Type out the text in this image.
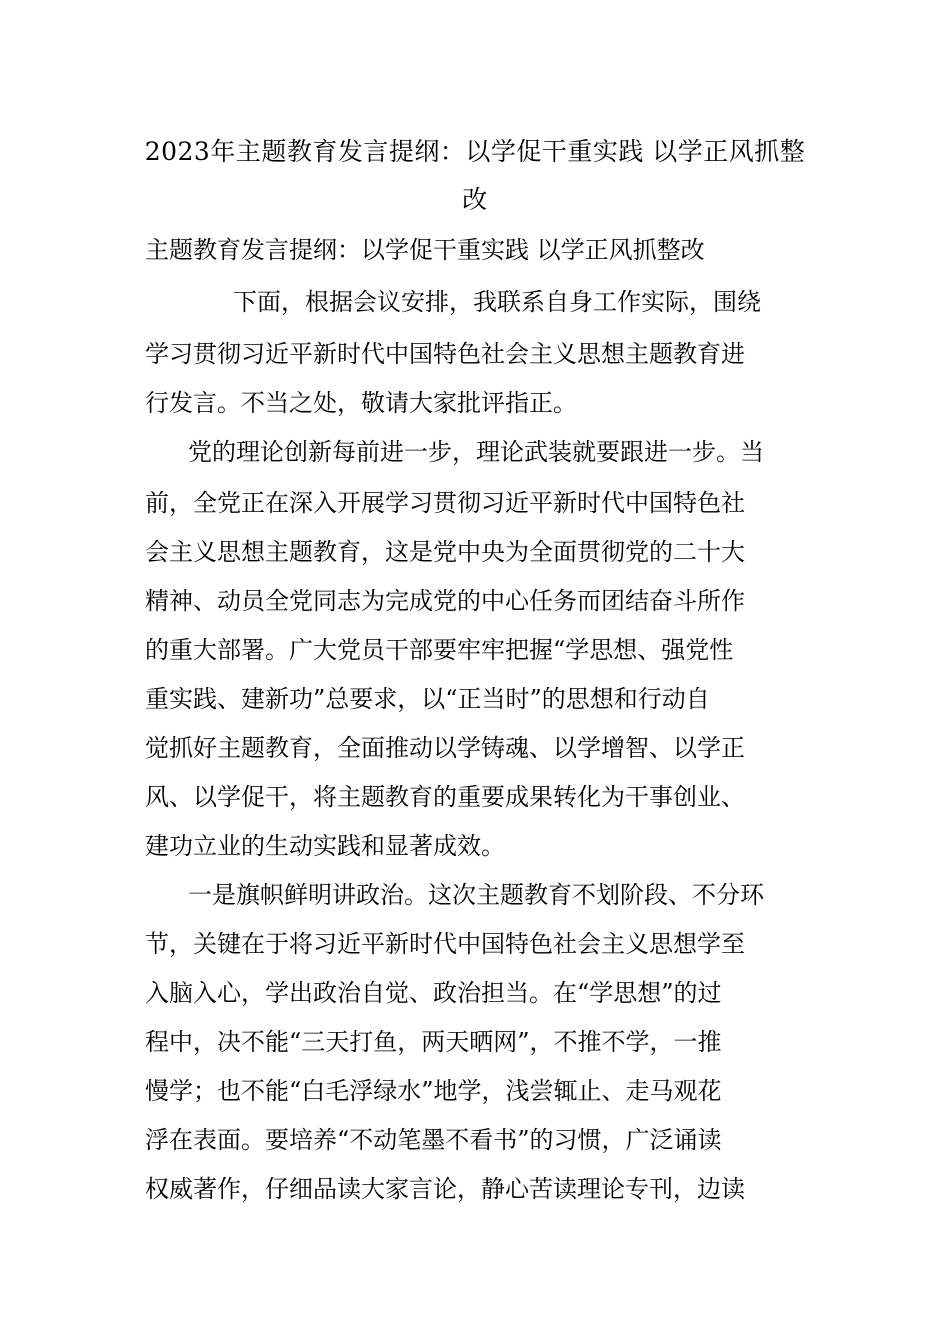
2023年主题教育发言提纲：以学促干重实践 以学正风抓整改

主题教育发言提纲：以学促干重实践 以学正风抓整改

下面，根据会议安排，我联系自身工作实际，围绕

学习贯彻习近平新时代中国特色社会主义思想主题教育进

行发言。不当之处，敬请大家批评指正。

党的理论创新每前进一步，理论武装就要跟进一步。当

前，全党正在深入开展学习贯彻习近平新时代中国特色社

会主义思想主题教育，这是党中央为全面贯彻党的二十大

精神、动员全党同志为完成党的中心任务而团结奋斗所作

的重大部署。广大党员干部要牢牢把握“学思想、强党性

重实践、建新功”总要求，以“正当时”的思想和行动自

觉抓好主题教育，全面推动以学铸魂、以学增智、以学正

风、以学促干，将主题教育的重要成果转化为干事创业、

建功立业的生动实践和显著成效。

一是旗帜鲜明讲政治。这次主题教育不划阶段、不分环

节，关键在于将习近平新时代中国特色社会主义思想学至

入脑入心，学出政治自觉、政治担当。在“学思想”的过

程中，决不能“三天打鱼，两天晒网”，不推不学，一推

慢学；也不能“白毛浮绿水”地学，浅尝辄止、走马观花

浮在表面。要培养“不动笔墨不看书”的习惯，广泛诵读

权威著作，仔细品读大家言论，静心苦读理论专刊，边读
